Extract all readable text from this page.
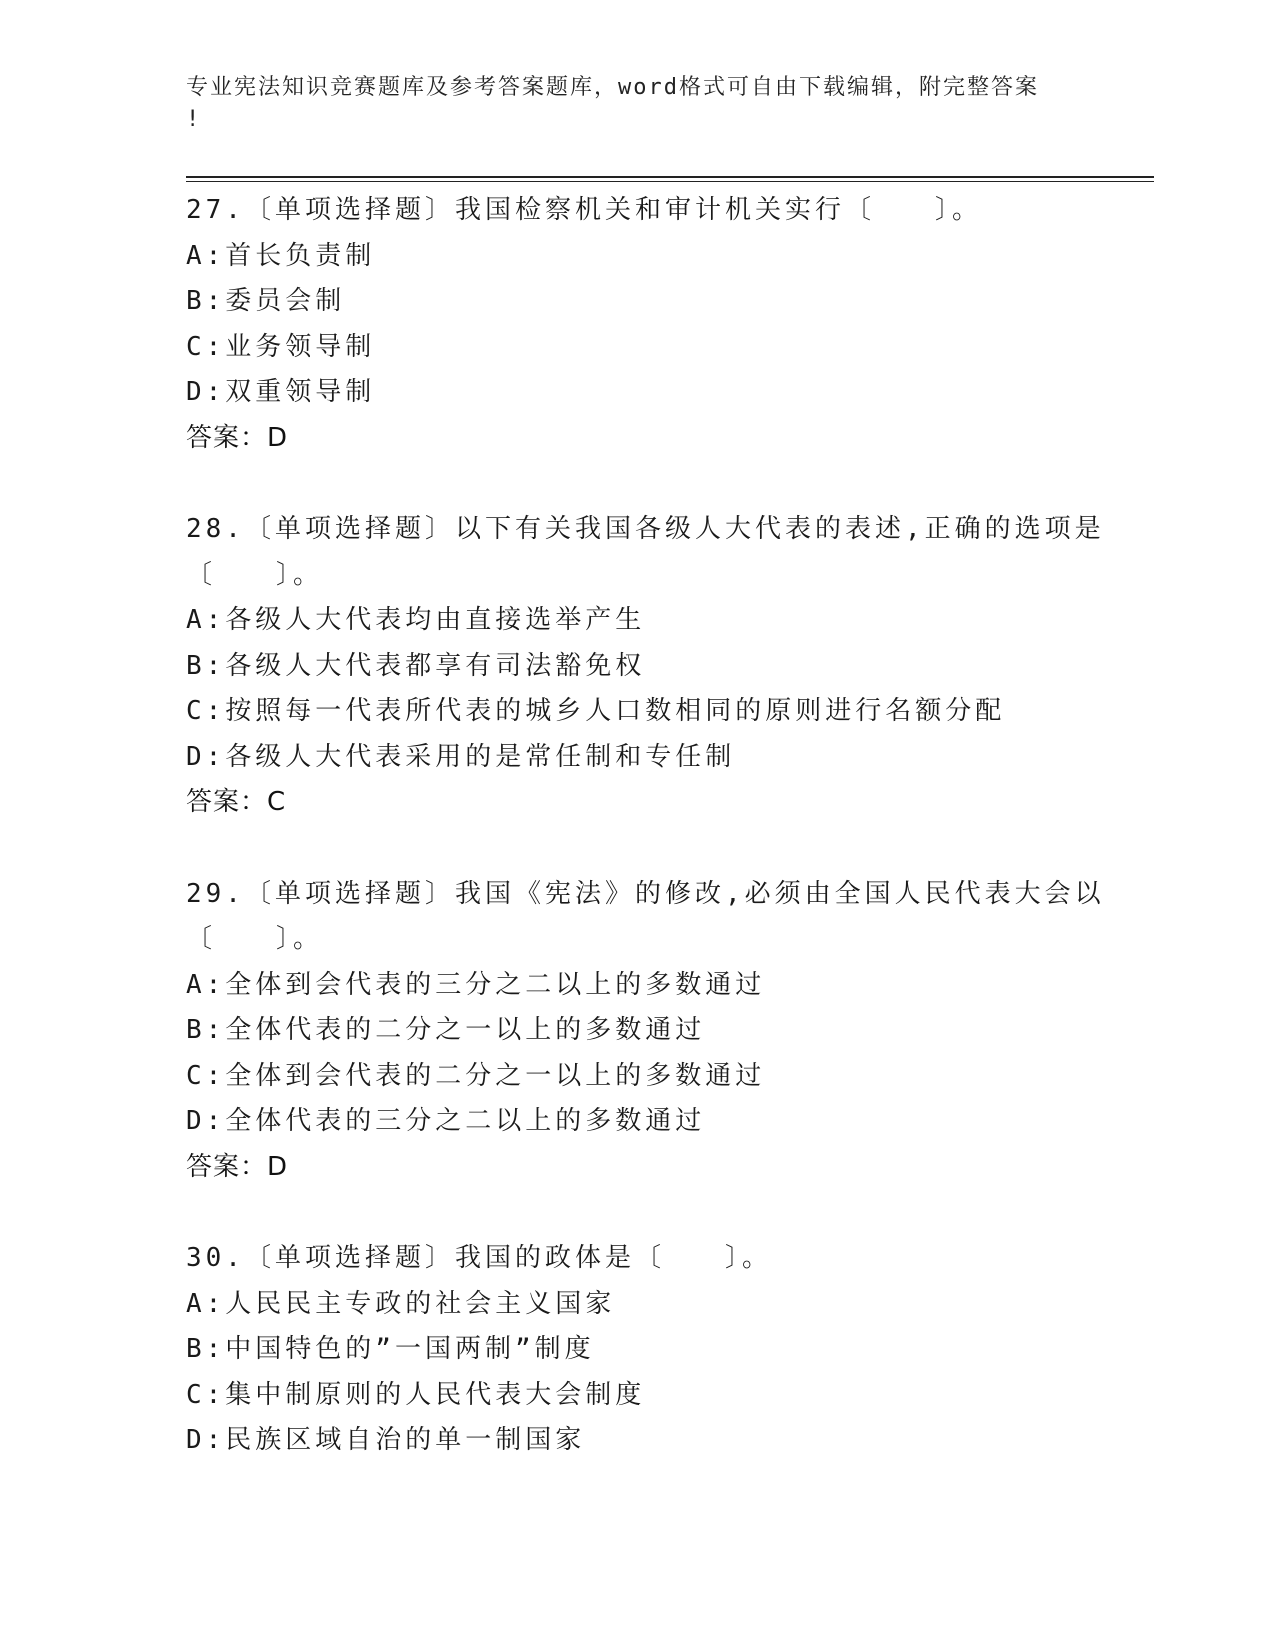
专业宪法知识竞赛题库及参考答案题库，word格式可自由下载编辑，附完整答案
!
27.〔单项选择题〕我国检察机关和审计机关实行〔　　〕。
A:首长负责制
B:委员会制
C:业务领导制
D:双重领导制
答案：D
28.〔单项选择题〕以下有关我国各级人大代表的表述,正确的选项是
〔　　〕。
A:各级人大代表均由直接选举产生
B:各级人大代表都享有司法豁免权
C:按照每一代表所代表的城乡人口数相同的原则进行名额分配
D:各级人大代表采用的是常任制和专任制
答案：C
29.〔单项选择题〕我国《宪法》的修改,必须由全国人民代表大会以
〔　　〕。
A:全体到会代表的三分之二以上的多数通过
B:全体代表的二分之一以上的多数通过
C:全体到会代表的二分之一以上的多数通过
D:全体代表的三分之二以上的多数通过
答案：D
30.〔单项选择题〕我国的政体是〔　　〕。
A:人民民主专政的社会主义国家
B:中国特色的”一国两制”制度
C:集中制原则的人民代表大会制度
D:民族区域自治的单一制国家
